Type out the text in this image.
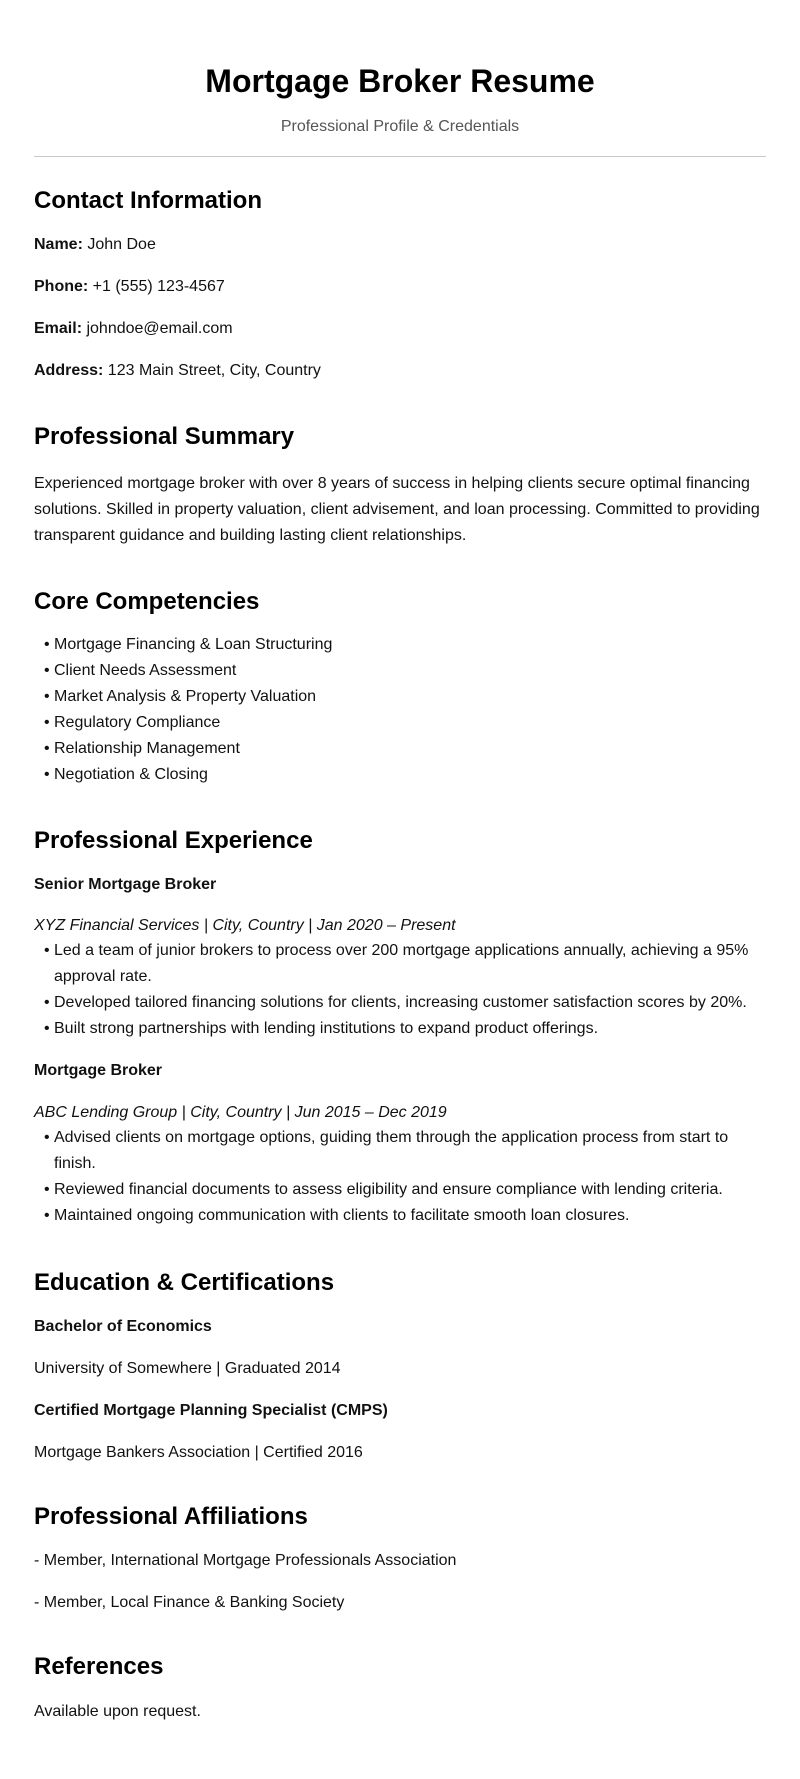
Mortgage Broker Resume
Professional Profile & Credentials
Contact Information

Name: John Doe

Phone: +1 (555) 123-4567

Email: johndoe@email.com

Address: 123 Main Street, City, Country

Professional Summary

Experienced mortgage broker with over 8 years of success in helping clients secure optimal financing solutions. Skilled in property valuation, client advisement, and loan processing. Committed to providing transparent guidance and building lasting client relationships.

Core Competencies
• Mortgage Financing & Loan Structuring
• Client Needs Assessment
• Market Analysis & Property Valuation
• Regulatory Compliance
• Relationship Management
• Negotiation & Closing
Professional Experience
Senior Mortgage Broker
XYZ Financial Services | City, Country | Jan 2020 – Present
• Led a team of junior brokers to process over 200 mortgage applications annually, achieving a 95% approval rate.
• Developed tailored financing solutions for clients, increasing customer satisfaction scores by 20%.
• Built strong partnerships with lending institutions to expand product offerings.
Mortgage Broker
ABC Lending Group | City, Country | Jun 2015 – Dec 2019
• Advised clients on mortgage options, guiding them through the application process from start to finish.
• Reviewed financial documents to assess eligibility and ensure compliance with lending criteria.
• Maintained ongoing communication with clients to facilitate smooth loan closures.
Education & Certifications
Bachelor of Economics
University of Somewhere | Graduated 2014
Certified Mortgage Planning Specialist (CMPS)
Mortgage Bankers Association | Certified 2016
Professional Affiliations

- Member, International Mortgage Professionals Association

- Member, Local Finance & Banking Society

References

Available upon request.
